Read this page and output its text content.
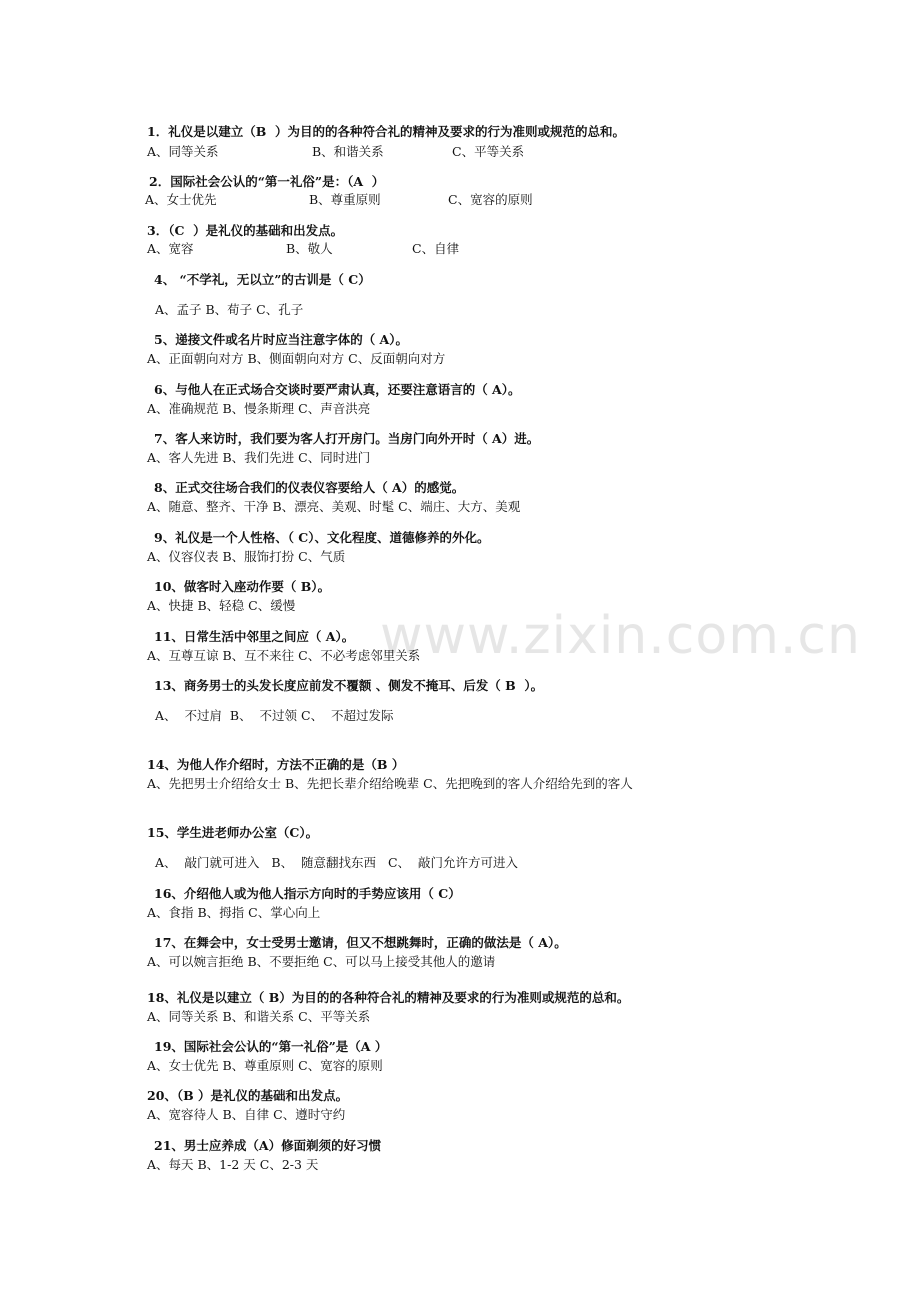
www.zixin.com.cn
1．礼仪是以建立（B  ）为目的的各种符合礼的精神及要求的行为准则或规范的总和。
A、同等关系	B、和谐关系	C、平等关系
2．国际社会公认的“第一礼俗”是：（A  ）
A、女士优先	B、尊重原则	C、宽容的原则
3．（C  ）是礼仪的基础和出发点。
A、宽容	B、敬人	C、自律
4、 “不学礼，无以立”的古训是（ C）
A、孟子 B、荀子 C、孔子
5、递接文件或名片时应当注意字体的（ A）。
A、正面朝向对方 B、侧面朝向对方 C、反面朝向对方
6、与他人在正式场合交谈时要严肃认真，还要注意语言的（ A）。
A、准确规范 B、慢条斯理 C、声音洪亮
7、客人来访时，我们要为客人打开房门。当房门向外开时（ A）进。
A、客人先进 B、我们先进 C、同时进门
8、正式交往场合我们的仪表仪容要给人（ A）的感觉。
A、随意、整齐、干净 B、漂亮、美观、时髦 C、端庄、大方、美观
9、礼仪是一个人性格、（ C）、文化程度、道德修养的外化。
A、仪容仪表 B、服饰打扮 C、气质
10、做客时入座动作要（ B）。
A、快捷 B、轻稳 C、缓慢
11、日常生活中邻里之间应（ A）。
A、互尊互谅 B、互不来往 C、不必考虑邻里关系
13、商务男士的头发长度应前发不覆额 、侧发不掩耳、后发（ B  ）。
A、  不过肩  B、  不过领 C、  不超过发际
14、为他人作介绍时，方法不正确的是（B ）
A、先把男士介绍给女士 B、先把长辈介绍给晚辈 C、先把晚到的客人介绍给先到的客人
15、学生进老师办公室（C）。
A、  敲门就可进入   B、  随意翻找东西   C、  敲门允许方可进入
16、介绍他人或为他人指示方向时的手势应该用（ C）
A、食指 B、拇指 C、掌心向上
17、在舞会中，女士受男士邀请，但又不想跳舞时，正确的做法是（ A）。
A、可以婉言拒绝 B、不要拒绝 C、可以马上接受其他人的邀请
18、礼仪是以建立（ B）为目的的各种符合礼的精神及要求的行为准则或规范的总和。
A、同等关系 B、和谐关系 C、平等关系
19、国际社会公认的“第一礼俗”是（A ）
A、女士优先 B、尊重原则 C、宽容的原则
20、（B ）是礼仪的基础和出发点。
A、宽容待人 B、自律 C、遵时守约
21、男士应养成（A）修面剃须的好习惯
A、每天 B、1-2 天 C、2-3 天
